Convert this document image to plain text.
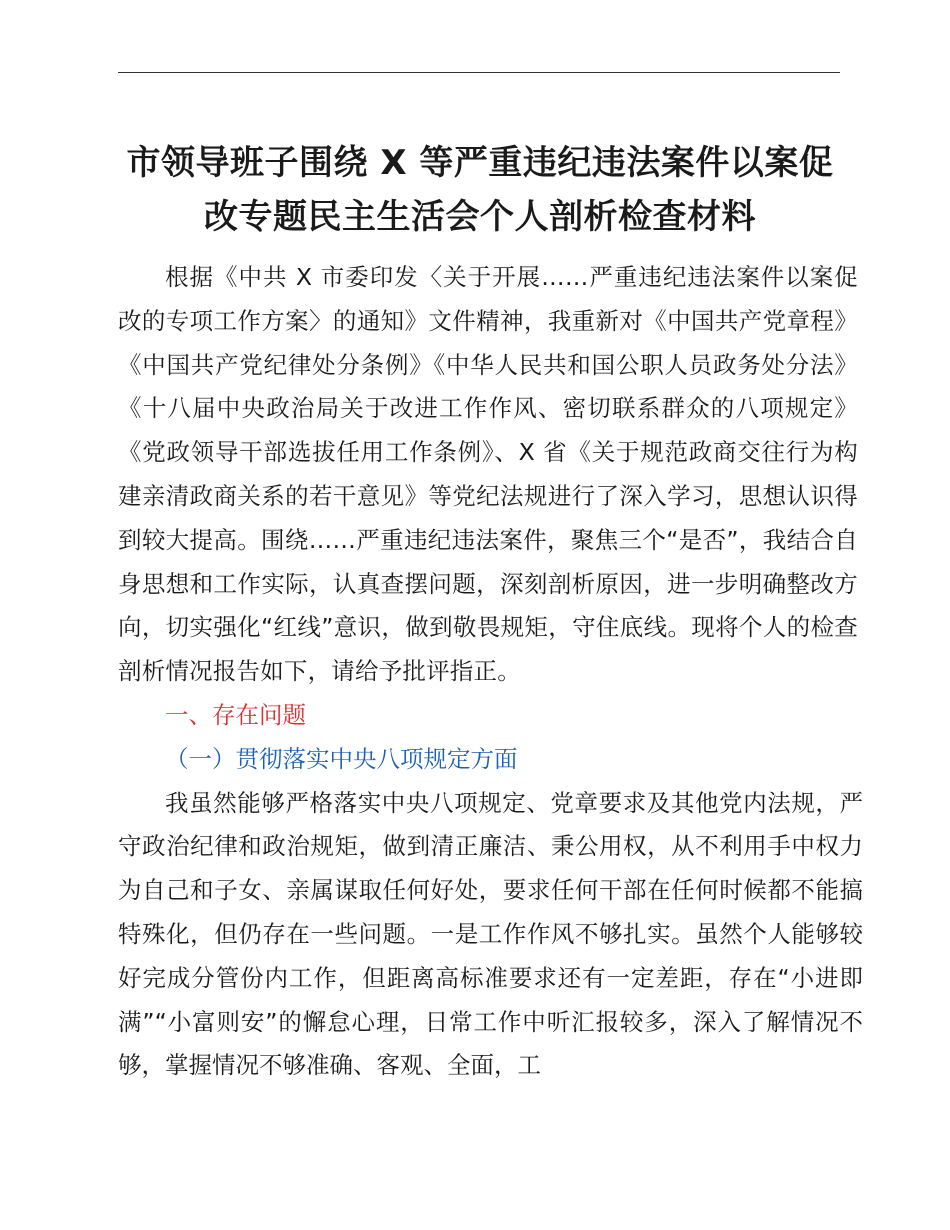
市领导班子围绕 X 等严重违纪违法案件以案促
改专题民主生活会个人剖析检查材料

根据《中共 X 市委印发〈关于开展……严重违纪违法案件以案促改的专项工作方案〉的通知》文件精神，我重新对《中国共产党章程》《中国共产党纪律处分条例》《中华人民共和国公职人员政务处分法》《十八届中央政治局关于改进工作作风、密切联系群众的八项规定》《党政领导干部选拔任用工作条例》、X 省《关于规范政商交往行为构建亲清政商关系的若干意见》等党纪法规进行了深入学习，思想认识得到较大提高。围绕……严重违纪违法案件，聚焦三个“是否”，我结合自身思想和工作实际，认真查摆问题，深刻剖析原因，进一步明确整改方向，切实强化“红线”意识，做到敬畏规矩，守住底线。现将个人的检查剖析情况报告如下，请给予批评指正。

一、存在问题

（一）贯彻落实中央八项规定方面

我虽然能够严格落实中央八项规定、党章要求及其他党内法规，严守政治纪律和政治规矩，做到清正廉洁、秉公用权，从不利用手中权力为自己和子女、亲属谋取任何好处，要求任何干部在任何时候都不能搞特殊化，但仍存在一些问题。一是工作作风不够扎实。虽然个人能够较好完成分管份内工作，但距离高标准要求还有一定差距，存在“小进即满”“小富则安”的懈怠心理，日常工作中听汇报较多，深入了解情况不够，掌握情况不够准确、客观、全面，工
